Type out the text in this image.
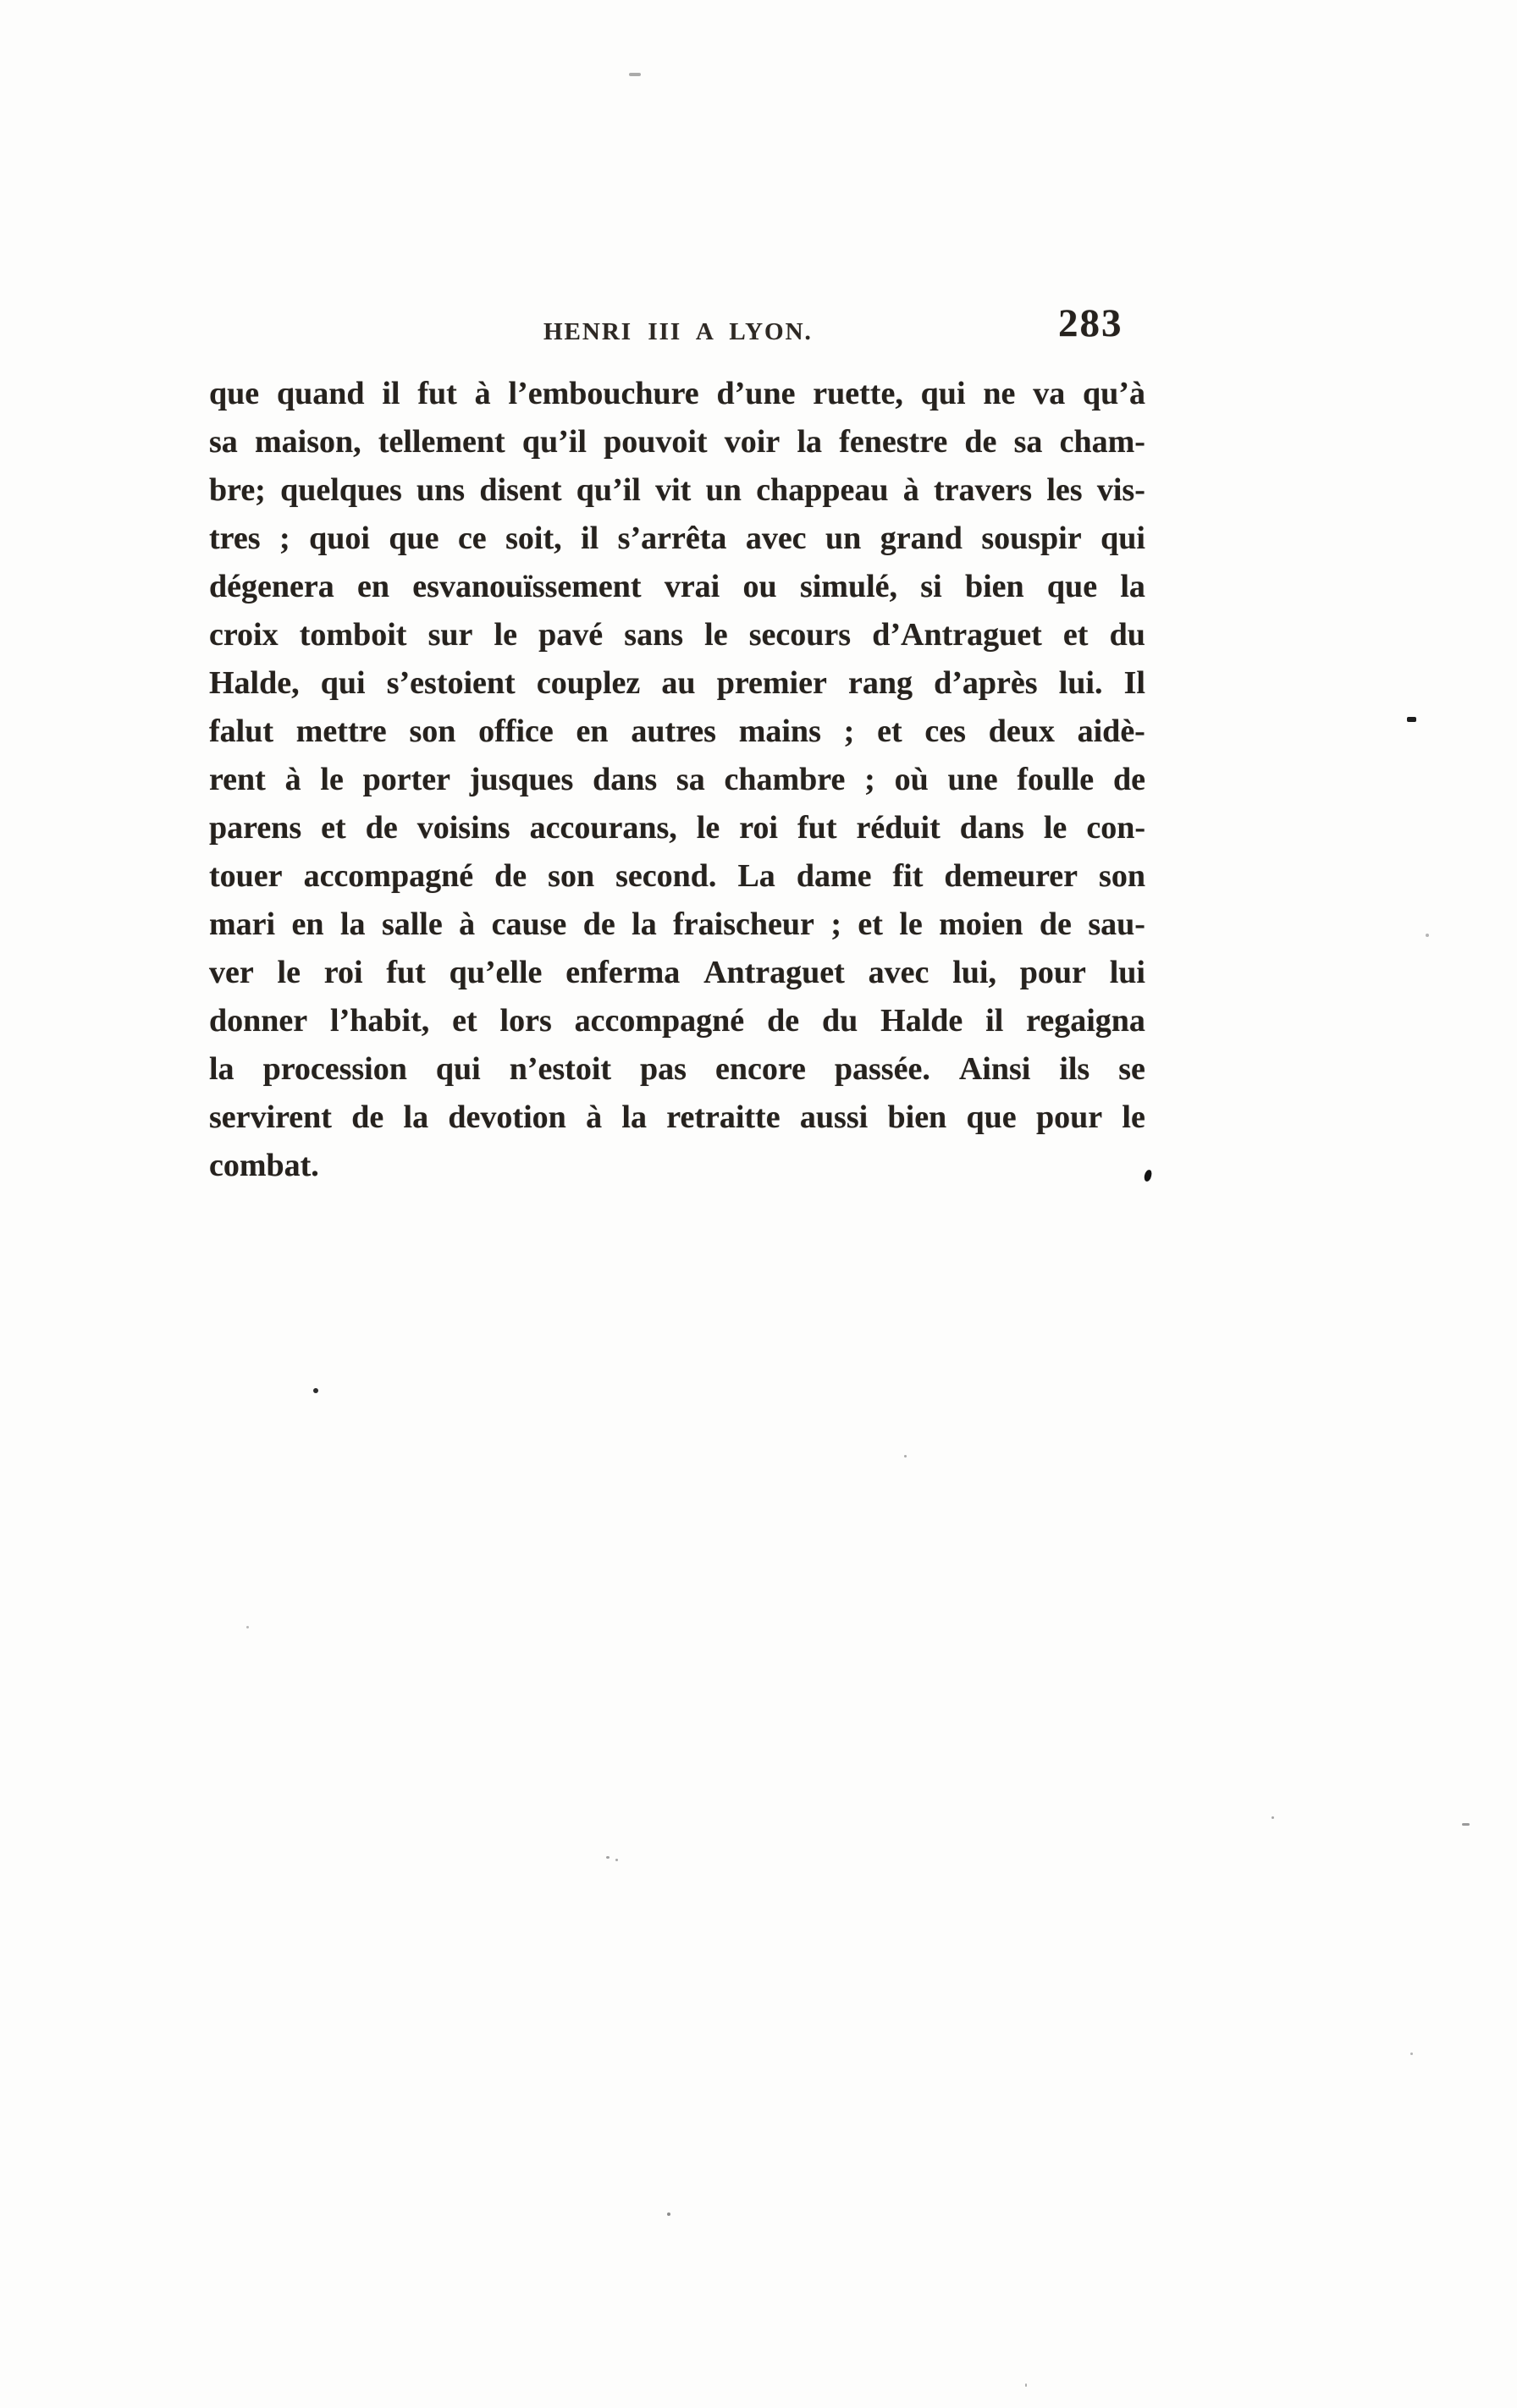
HENRI III A LYON.	283
que quand il fut à l’embouchure d’une ruette, qui ne va qu’à
sa maison, tellement qu’il pouvoit voir la fenestre de sa cham-
bre; quelques uns disent qu’il vit un chappeau à travers les vis-
tres ; quoi que ce soit, il s’arrêta avec un grand souspir qui
dégenera en esvanouïssement vrai ou simulé, si bien que la
croix tomboit sur le pavé sans le secours d’Antraguet et du
Halde, qui s’estoient couplez au premier rang d’après lui. Il
falut mettre son office en autres mains ; et ces deux aidè-
rent à le porter jusques dans sa chambre ; où une foulle de
parens et de voisins accourans, le roi fut réduit dans le con-
touer accompagné de son second. La dame fit demeurer son
mari en la salle à cause de la fraischeur ; et le moien de sau-
ver le roi fut qu’elle enferma Antraguet avec lui, pour lui
donner l’habit, et lors accompagné de du Halde il regaigna
la procession qui n’estoit pas encore passée. Ainsi ils se
servirent de la devotion à la retraitte aussi bien que pour le
combat.
